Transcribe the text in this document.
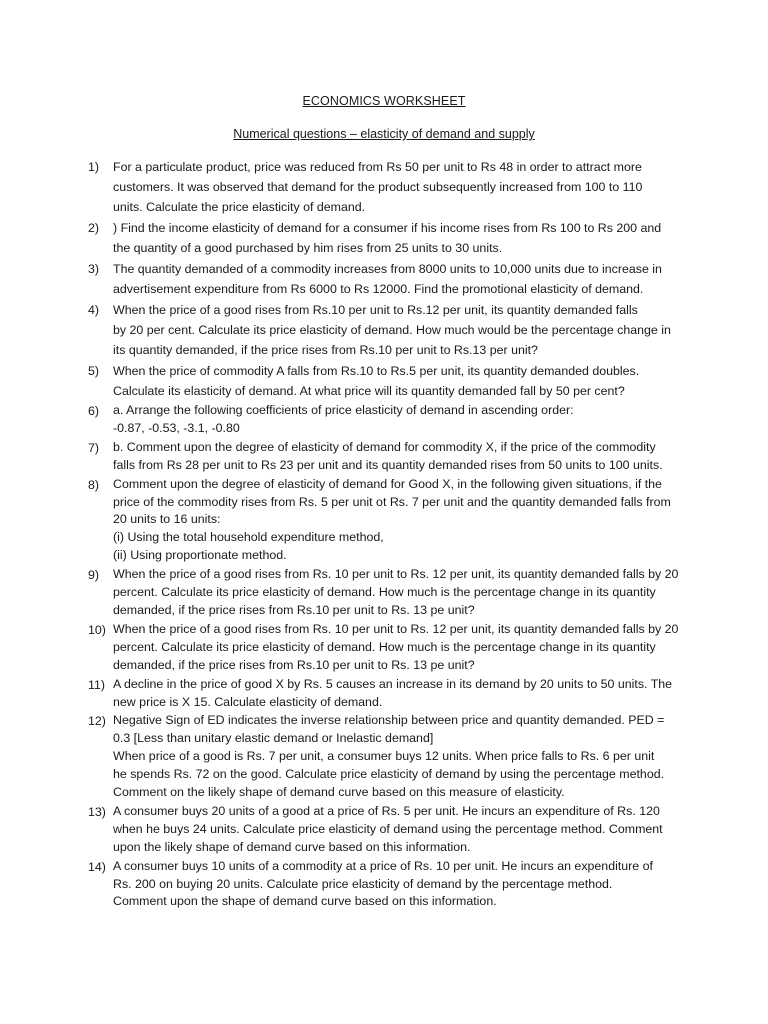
ECONOMICS WORKSHEET
Numerical questions – elasticity of demand and supply
1)	For a particulate product, price was reduced from Rs 50 per unit to Rs 48 in order to attract more
customers. It was observed that demand for the product subsequently increased from 100 to 110
units. Calculate the price elasticity of demand.
2)	) Find the income elasticity of demand for a consumer if his income rises from Rs 100 to Rs 200 and
the quantity of a good purchased by him rises from 25 units to 30 units.
3)	The quantity demanded of a commodity increases from 8000 units to 10,000 units due to increase in
advertisement expenditure from Rs 6000 to Rs 12000. Find the promotional elasticity of demand.
4)	When the price of a good rises from Rs.10 per unit to Rs.12 per unit, its quantity demanded falls
by 20 per cent. Calculate its price elasticity of demand. How much would be the percentage change in
its quantity demanded, if the price rises from Rs.10 per unit to Rs.13 per unit?
5)	When the price of commodity A falls from Rs.10 to Rs.5 per unit, its quantity demanded doubles.
Calculate its elasticity of demand. At what price will its quantity demanded fall by 50 per cent?
6)	a. Arrange the following coefficients of price elasticity of demand in ascending order:
-0.87, -0.53, -3.1, -0.80
7)	b. Comment upon the degree of elasticity of demand for commodity X, if the price of the commodity
falls from Rs 28 per unit to Rs 23 per unit and its quantity demanded rises from 50 units to 100 units.
8)	Comment upon the degree of elasticity of demand for Good X, in the following given situations, if the
price of the commodity rises from Rs. 5 per unit ot Rs. 7 per unit and the quantity demanded falls from
20 units to 16 units:
(i) Using the total household expenditure method,
(ii) Using proportionate method.
9)	When the price of a good rises from Rs. 10 per unit to Rs. 12 per unit, its quantity demanded falls by 20
percent. Calculate its price elasticity of demand. How much is the percentage change in its quantity
demanded, if the price rises from Rs.10 per unit to Rs. 13 pe unit?
10) When the price of a good rises from Rs. 10 per unit to Rs. 12 per unit, its quantity demanded falls by 20
percent. Calculate its price elasticity of demand. How much is the percentage change in its quantity
demanded, if the price rises from Rs.10 per unit to Rs. 13 pe unit?
11) A decline in the price of good X by Rs. 5 causes an increase in its demand by 20 units to 50 units. The
new price is X 15. Calculate elasticity of demand.
12) Negative Sign of ED indicates the inverse relationship between price and quantity demanded. PED =
0.3 [Less than unitary elastic demand or Inelastic demand]
When price of a good is Rs. 7 per unit, a consumer buys 12 units. When price falls to Rs. 6 per unit
he spends Rs. 72 on the good. Calculate price elasticity of demand by using the percentage method.
Comment on the likely shape of demand curve based on this measure of elasticity.
13) A consumer buys 20 units of a good at a price of Rs. 5 per unit. He incurs an expenditure of Rs. 120
when he buys 24 units. Calculate price elasticity of demand using the percentage method. Comment
upon the likely shape of demand curve based on this information.
14) A consumer buys 10 units of a commodity at a price of Rs. 10 per unit. He incurs an expenditure of
Rs. 200 on buying 20 units. Calculate price elasticity of demand by the percentage method.
Comment upon the shape of demand curve based on this information.
